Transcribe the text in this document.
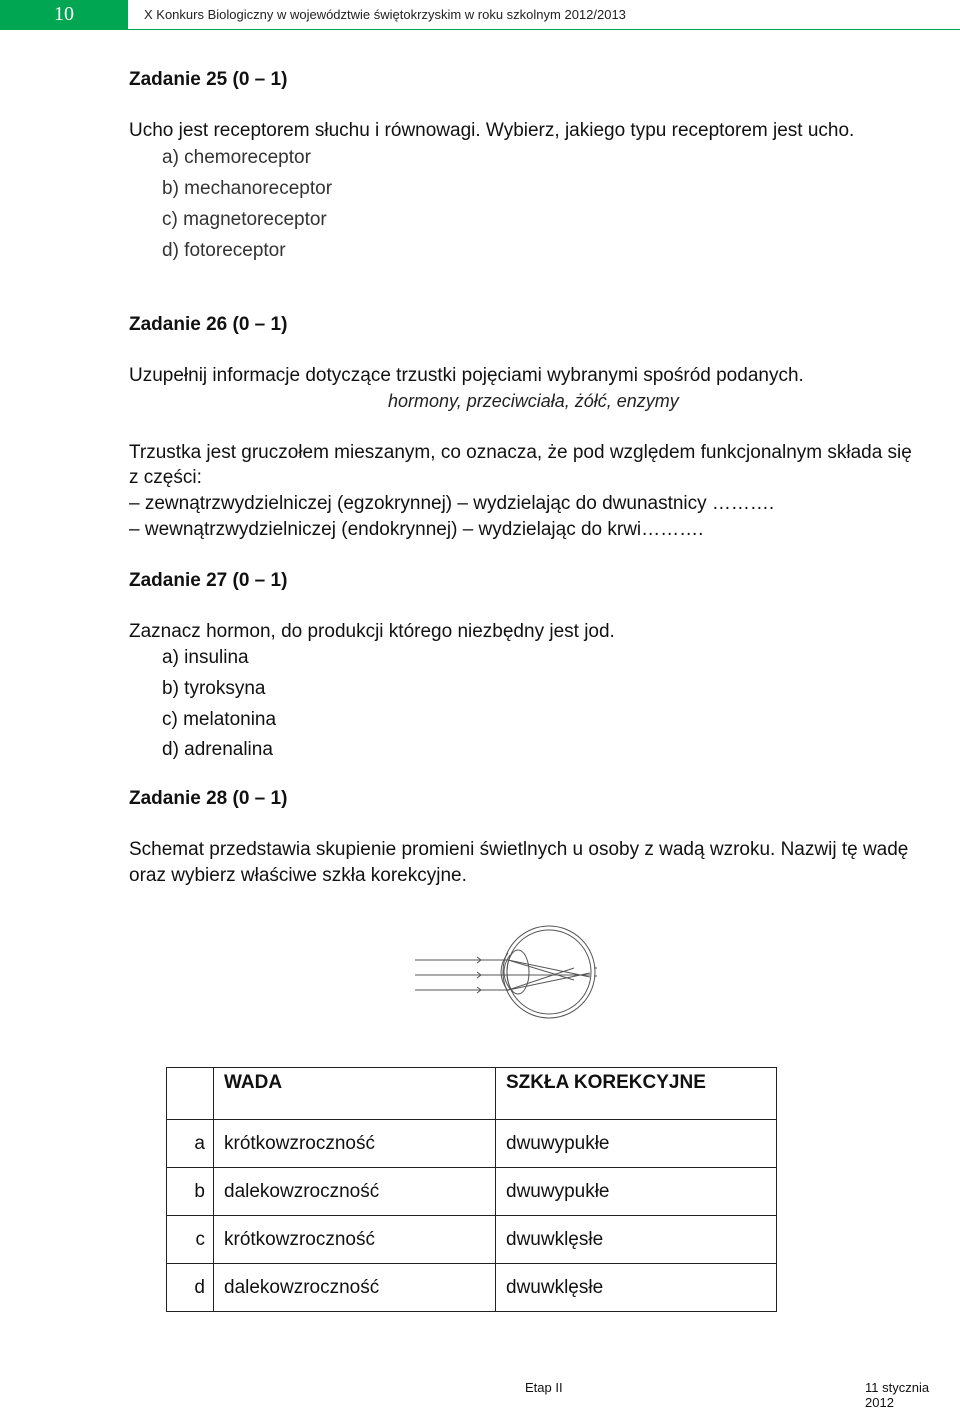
10	X Konkurs Biologiczny w województwie świętokrzyskim w roku szkolnym 2012/2013
Zadanie 25 (0 – 1)
Ucho jest receptorem słuchu i równowagi. Wybierz, jakiego typu receptorem jest ucho.
a) chemoreceptor
b) mechanoreceptor
c) magnetoreceptor
d) fotoreceptor
Zadanie 26 (0 – 1)
Uzupełnij informacje dotyczące trzustki pojęciami wybranymi spośród podanych.
hormony, przeciwciała, żółć, enzymy
Trzustka jest gruczołem mieszanym, co oznacza, że pod względem funkcjonalnym składa się
z części:
– zewnątrzwydzielniczej (egzokrynnej) – wydzielając do dwunastnicy ……….
– wewnątrzwydzielniczej (endokrynnej) – wydzielając do krwi……….
Zadanie 27 (0 – 1)
Zaznacz hormon, do produkcji którego niezbędny jest jod.
a) insulina
b) tyroksyna
c) melatonina
d) adrenalina
Zadanie 28 (0 – 1)
Schemat przedstawia skupienie promieni świetlnych u osoby z wadą wzroku. Nazwij tę wadę
oraz wybierz właściwe szkła korekcyjne.
	WADA	SZKŁA KOREKCYJNE
a	krótkowzroczność	dwuwypukłe
b	dalekowzroczność	dwuwypukłe
c	krótkowzroczność	dwuwklęsłe
d	dalekowzroczność	dwuwklęsłe
Etap II	11 stycznia 2012
